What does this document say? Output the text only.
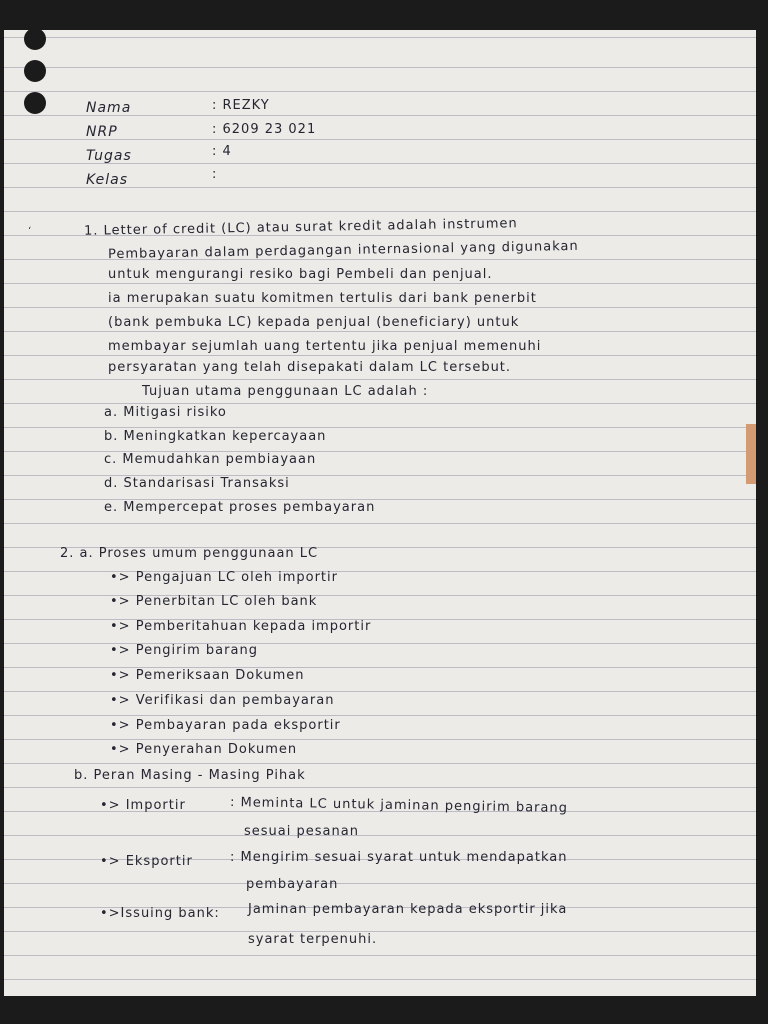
‘
Nama	: REZKY
NRP	: 6209 23 021
Tugas	: 4
Kelas	:
1. Letter of credit (LC) atau surat kredit adalah instrumen
Pembayaran dalam perdagangan internasional yang digunakan
untuk mengurangi resiko bagi Pembeli dan penjual.
ia merupakan suatu komitmen tertulis dari bank penerbit
(bank pembuka LC) kepada penjual (beneficiary) untuk
membayar sejumlah uang tertentu jika penjual memenuhi
persyaratan yang telah disepakati dalam LC tersebut.
Tujuan utama penggunaan LC adalah :
a. Mitigasi risiko
b. Meningkatkan kepercayaan
c. Memudahkan pembiayaan
d. Standarisasi Transaksi
e. Mempercepat proses pembayaran
2. a. Proses umum penggunaan LC
•> Pengajuan LC oleh importir
•> Penerbitan LC oleh bank
•> Pemberitahuan kepada importir
•> Pengirim barang
•> Pemeriksaan Dokumen
•> Verifikasi dan pembayaran
•> Pembayaran pada eksportir
•> Penyerahan Dokumen
b. Peran Masing - Masing Pihak
•> Importir	: Meminta LC untuk jaminan pengirim barang
sesuai pesanan
•> Eksportir	: Mengirim sesuai syarat untuk mendapatkan
pembayaran
•>Issuing bank: Jaminan pembayaran kepada eksportir jika
syarat terpenuhi.
